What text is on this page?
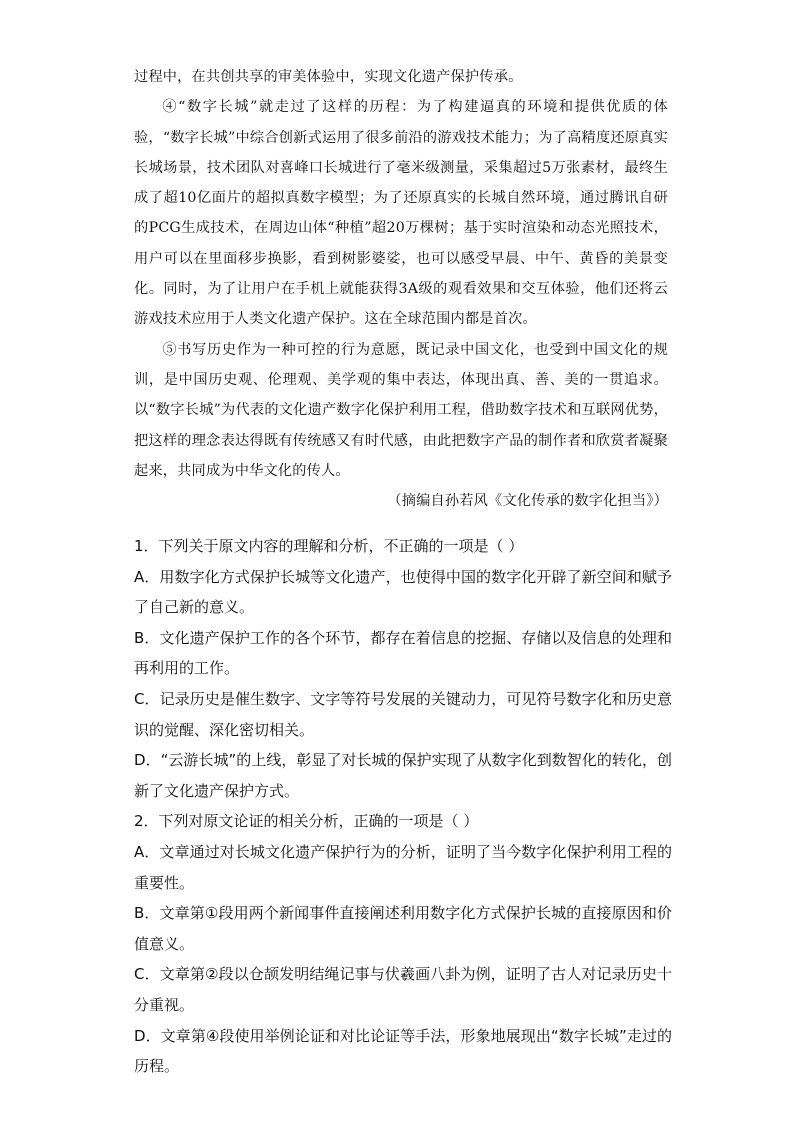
过程中，在共创共享的审美体验中，实现文化遗产保护传承。

④“数字长城”就走过了这样的历程：为了构建逼真的环境和提供优质的体验，“数字长城”中综合创新式运用了很多前沿的游戏技术能力；为了高精度还原真实长城场景，技术团队对喜峰口长城进行了毫米级测量，采集超过5万张素材，最终生成了超10亿面片的超拟真数字模型；为了还原真实的长城自然环境，通过腾讯自研的PCG生成技术，在周边山体“种植”超20万棵树；基于实时渲染和动态光照技术，用户可以在里面移步换影，看到树影婆娑，也可以感受早晨、中午、黄昏的美景变化。同时，为了让用户在手机上就能获得3A级的观看效果和交互体验，他们还将云游戏技术应用于人类文化遗产保护。这在全球范围内都是首次。

⑤书写历史作为一种可控的行为意愿，既记录中国文化，也受到中国文化的规训，是中国历史观、伦理观、美学观的集中表达，体现出真、善、美的一贯追求。以“数字长城”为代表的文化遗产数字化保护利用工程，借助数字技术和互联网优势，把这样的理念表达得既有传统感又有时代感，由此把数字产品的制作者和欣赏者凝聚起来，共同成为中华文化的传人。

（摘编自孙若风《文化传承的数字化担当》）

1．下列关于原文内容的理解和分析，不正确的一项是（ ）

A．用数字化方式保护长城等文化遗产，也使得中国的数字化开辟了新空间和赋予了自己新的意义。

B．文化遗产保护工作的各个环节，都存在着信息的挖掘、存储以及信息的处理和再利用的工作。

C．记录历史是催生数字、文字等符号发展的关键动力，可见符号数字化和历史意识的觉醒、深化密切相关。

D．“云游长城”的上线，彰显了对长城的保护实现了从数字化到数智化的转化，创新了文化遗产保护方式。

2．下列对原文论证的相关分析，正确的一项是（ ）

A．文章通过对长城文化遗产保护行为的分析，证明了当今数字化保护利用工程的重要性。

B．文章第①段用两个新闻事件直接阐述利用数字化方式保护长城的直接原因和价值意义。

C．文章第②段以仓颉发明结绳记事与伏羲画八卦为例，证明了古人对记录历史十分重视。

D．文章第④段使用举例论证和对比论证等手法，形象地展现出“数字长城”走过的历程。
